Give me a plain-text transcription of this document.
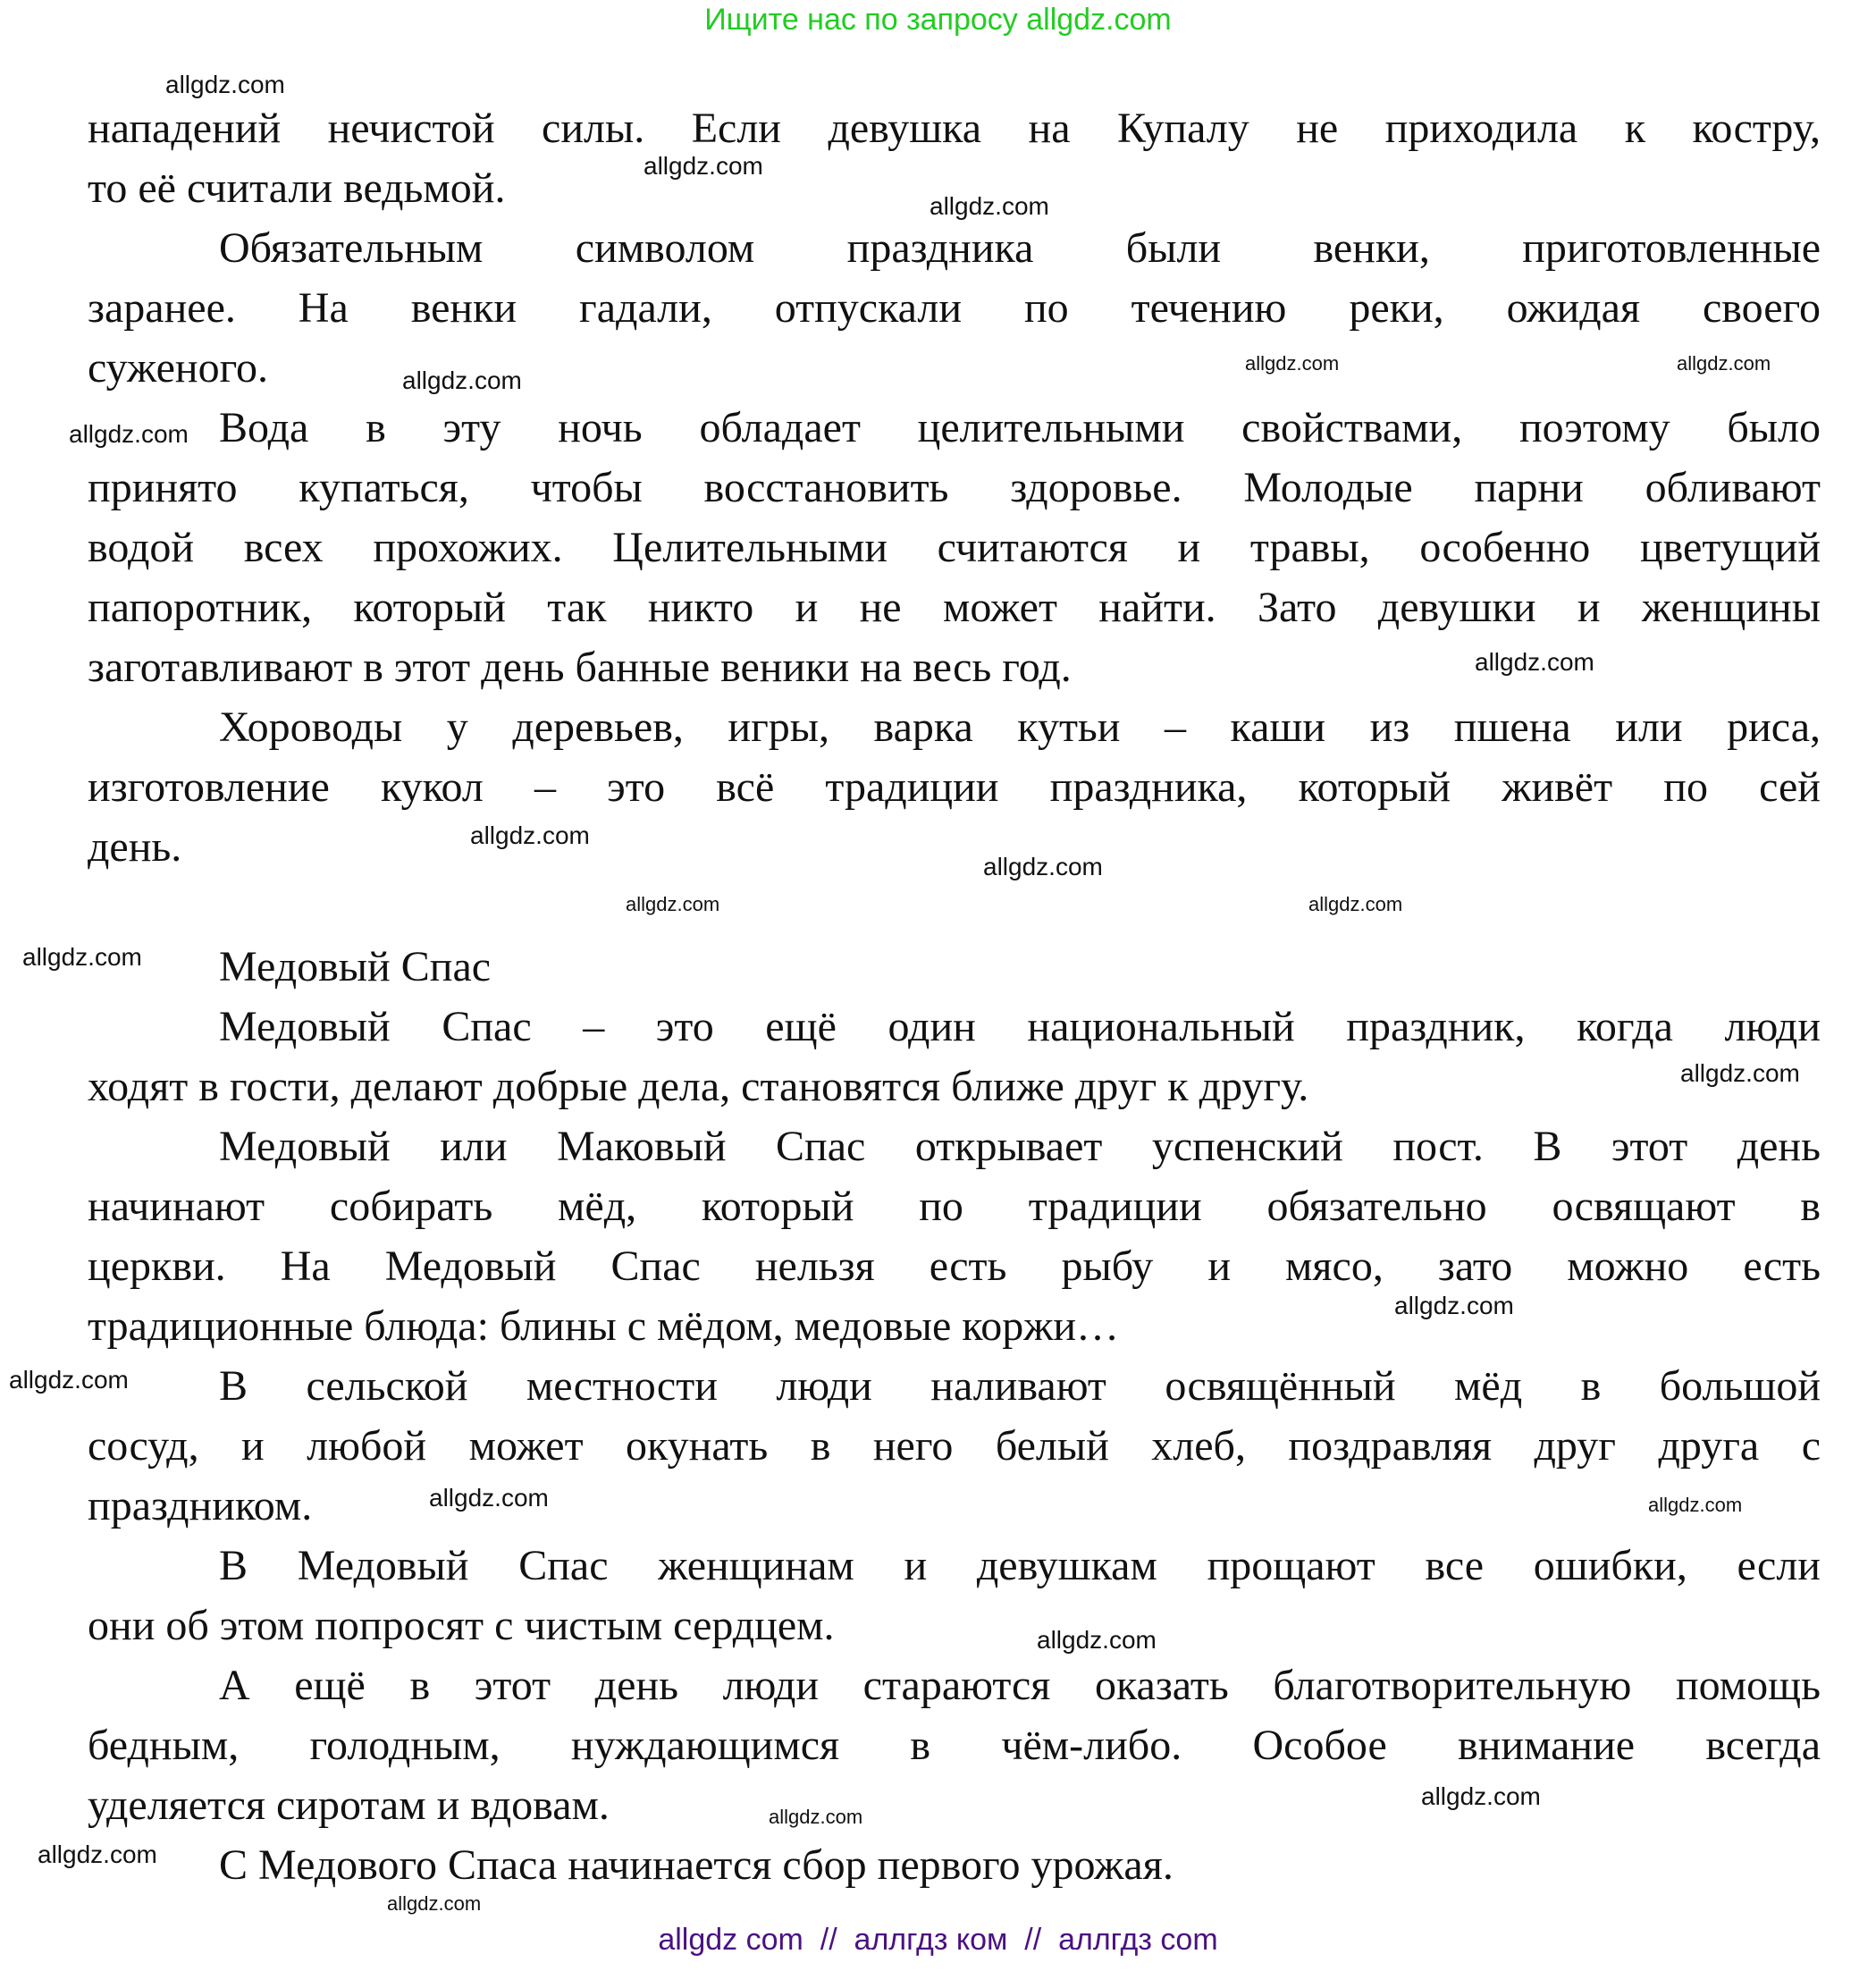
Ищите нас по запросу allgdz.com
нападений нечистой силы. Если девушка на Купалу не приходила к костру,
то её считали ведьмой.
Обязательным символом праздника были венки, приготовленные
заранее. На венки гадали, отпускали по течению реки, ожидая своего
суженого.
Вода в эту ночь обладает целительными свойствами, поэтому было
принято купаться, чтобы восстановить здоровье. Молодые парни обливают
водой всех прохожих. Целительными считаются и травы, особенно цветущий
папоротник, который так никто и не может найти. Зато девушки и женщины
заготавливают в этот день банные веники на весь год.
Хороводы у деревьев, игры, варка кутьи – каши из пшена или риса,
изготовление кукол – это всё традиции праздника, который живёт по сей
день.
Медовый Спас
Медовый Спас – это ещё один национальный праздник, когда люди
ходят в гости, делают добрые дела, становятся ближе друг к другу.
Медовый или Маковый Спас открывает успенский пост. В этот день
начинают собирать мёд, который по традиции обязательно освящают в
церкви. На Медовый Спас нельзя есть рыбу и мясо, зато можно есть
традиционные блюда: блины с мёдом, медовые коржи…
В сельской местности люди наливают освящённый мёд в большой
сосуд, и любой может окунать в него белый хлеб, поздравляя друг друга с
праздником.
В Медовый Спас женщинам и девушкам прощают все ошибки, если
они об этом попросят с чистым сердцем.
А ещё в этот день люди стараются оказать благотворительную помощь
бедным, голодным, нуждающимся в чём-либо. Особое внимание всегда
уделяется сиротам и вдовам.
С Медового Спаса начинается сбор первого урожая.
allgdz.com
allgdz.com
allgdz.com
allgdz.com	allgdz.com
allgdz.com
allgdz.com
allgdz.com
allgdz.com
allgdz.com
allgdz.com
allgdz.com
allgdz.com
allgdz.com
allgdz.com
allgdz.com
allgdz.com
allgdz.com
allgdz.com
allgdz.com
allgdz.com
allgdz.com
allgdz.com
allgdz com  //  аллгдз ком  //  аллгдз com
